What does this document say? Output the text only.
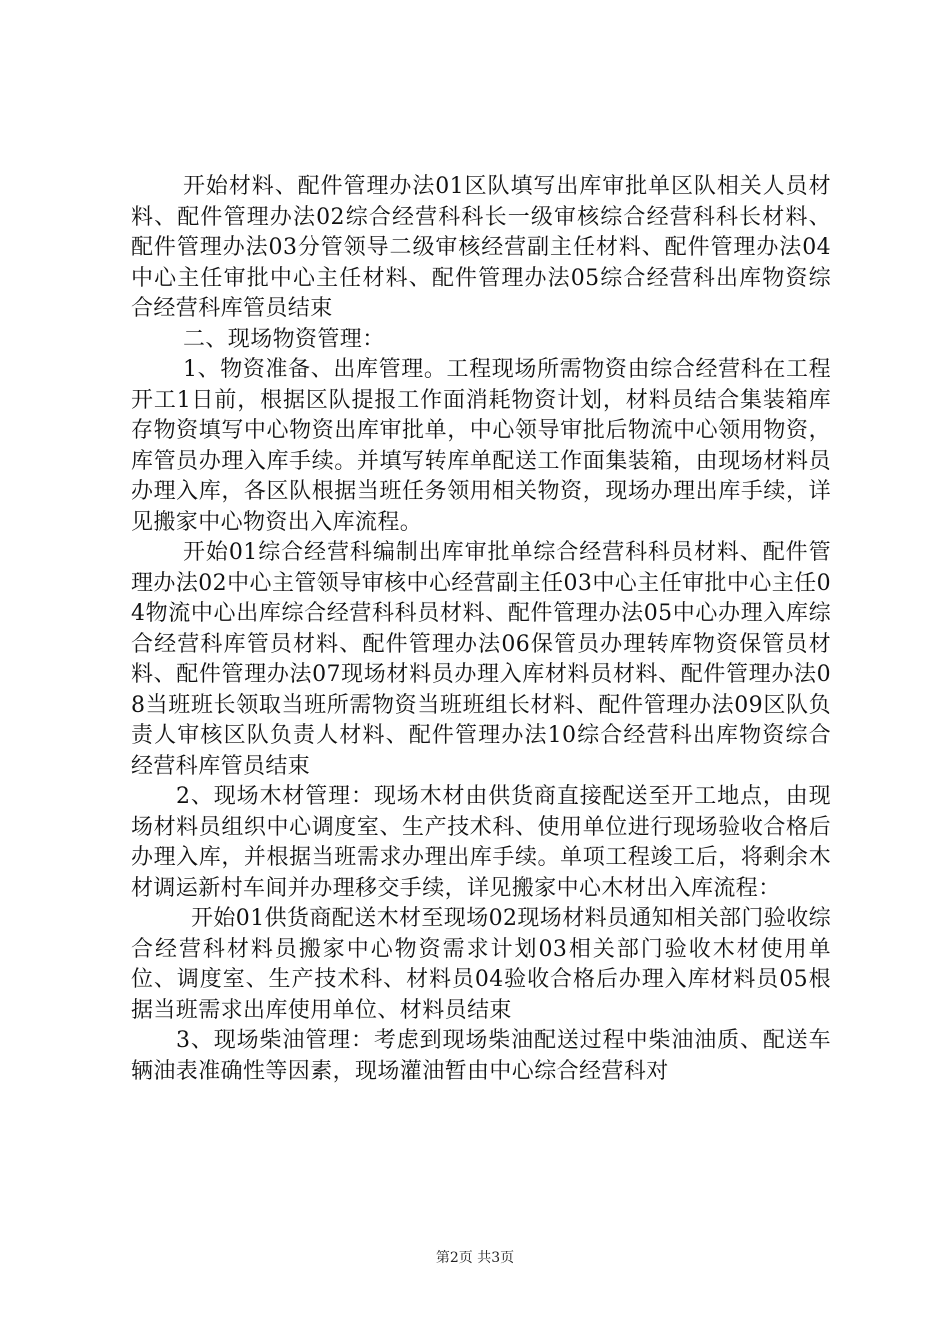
开始材料、配件管理办法01区队填写出库审批单区队相关人员材料、配件管理办法02综合经营科科长一级审核综合经营科科长材料、配件管理办法03分管领导二级审核经营副主任材料、配件管理办法04中心主任审批中心主任材料、配件管理办法05综合经营科出库物资综合经营科库管员结束

二、现场物资管理：

1、物资准备、出库管理。工程现场所需物资由综合经营科在工程开工1日前，根据区队提报工作面消耗物资计划，材料员结合集装箱库存物资填写中心物资出库审批单，中心领导审批后物流中心领用物资，库管员办理入库手续。并填写转库单配送工作面集装箱，由现场材料员办理入库，各区队根据当班任务领用相关物资，现场办理出库手续，详见搬家中心物资出入库流程。

开始01综合经营科编制出库审批单综合经营科科员材料、配件管理办法02中心主管领导审核中心经营副主任03中心主任审批中心主任04物流中心出库综合经营科科员材料、配件管理办法05中心办理入库综合经营科库管员材料、配件管理办法06保管员办理转库物资保管员材料、配件管理办法07现场材料员办理入库材料员材料、配件管理办法08当班班长领取当班所需物资当班班组长材料、配件管理办法09区队负责人审核区队负责人材料、配件管理办法10综合经营科出库物资综合经营科库管员结束

2、现场木材管理：现场木材由供货商直接配送至开工地点，由现场材料员组织中心调度室、生产技术科、使用单位进行现场验收合格后办理入库，并根据当班需求办理出库手续。单项工程竣工后，将剩余木材调运新村车间并办理移交手续，详见搬家中心木材出入库流程：

开始01供货商配送木材至现场02现场材料员通知相关部门验收综合经营科材料员搬家中心物资需求计划03相关部门验收木材使用单位、调度室、生产技术科、材料员04验收合格后办理入库材料员05根据当班需求出库使用单位、材料员结束

3、现场柴油管理：考虑到现场柴油配送过程中柴油油质、配送车辆油表准确性等因素，现场灌油暂由中心综合经营科对

第2页 共3页
